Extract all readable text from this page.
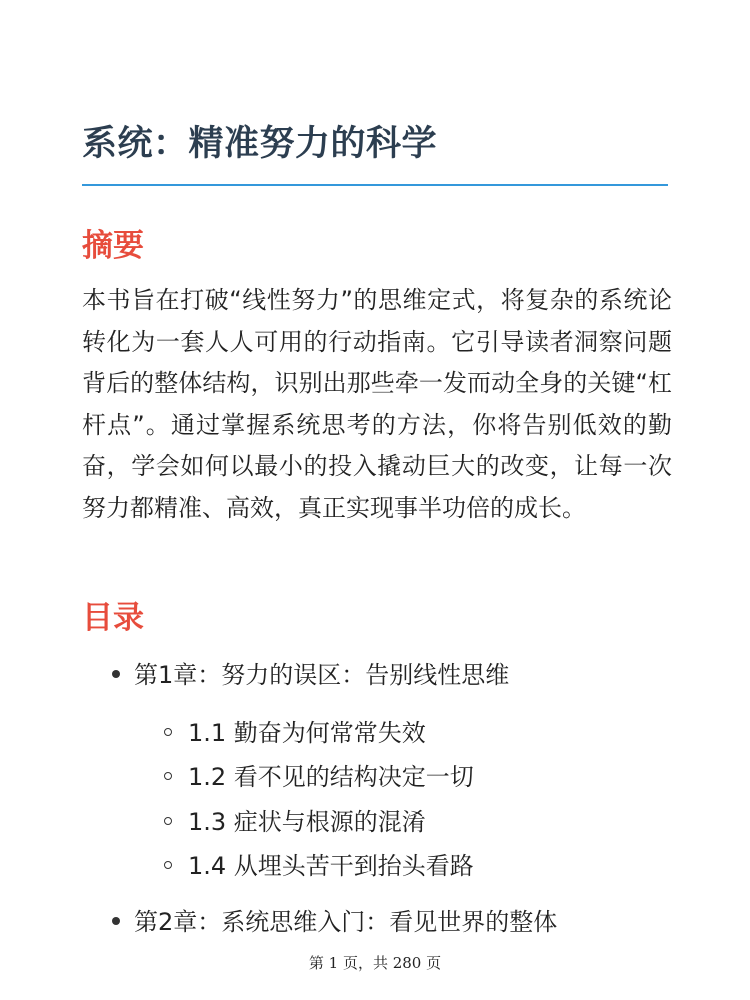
系统：精准努力的科学
摘要

本书旨在打破“线性努力”的思维定式，将复杂的系统论转化为一套人人可用的行动指南。它引导读者洞察问题背后的整体结构，识别出那些牵一发而动全身的关键“杠杆点”。通过掌握系统思考的方法，你将告别低效的勤奋，学会如何以最小的投入撬动巨大的改变，让每一次努力都精准、高效，真正实现事半功倍的成长。

目录
第1章：努力的误区：告别线性思维
1.1 勤奋为何常常失效
1.2 看不见的结构决定一切
1.3 症状与根源的混淆
1.4 从埋头苦干到抬头看路
第2章：系统思维入门：看见世界的整体
第 1 页，共 280 页
